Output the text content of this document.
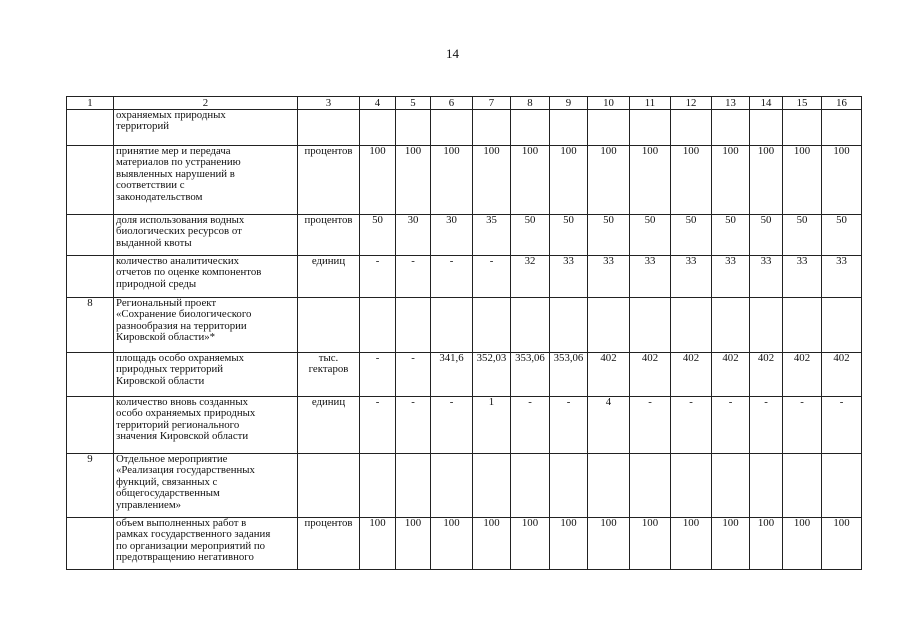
14
1	2	3	4	5	6	7	8	9	10	11	12	13	14	15	16

	охраняемых природных
территорий														

	принятие мер и передача
материалов по устранению
выявленных нарушений в
соответствии с
законодательством	процентов	100	100	100	100	100	100	100	100	100	100	100	100	100

	доля использования водных
биологических ресурсов от
выданной квоты	процентов	50	30	30	35	50	50	50	50	50	50	50	50	50

	количество аналитических
отчетов по оценке компонентов
природной среды	единиц	-	-	-	-	32	33	33	33	33	33	33	33	33
8	Региональный проект
«Сохранение биологического
разнообразия на территории
Кировской области»*														

	площадь особо охраняемых
природных территорий
Кировской области	тыс.
гектаров	-	-	341,6	352,03	353,06	353,06	402	402	402	402	402	402	402

	количество вновь созданных
особо охраняемых природных
территорий регионального
значения Кировской области	единиц	-	-	-	1	-	-	4	-	-	-	-	-	-
9	Отдельное мероприятие
«Реализация государственных
функций, связанных с
общегосударственным
управлением»														

	объем выполненных работ в
рамках государственного задания
по организации мероприятий по
предотвращению негативного	процентов	100	100	100	100	100	100	100	100	100	100	100	100	100
